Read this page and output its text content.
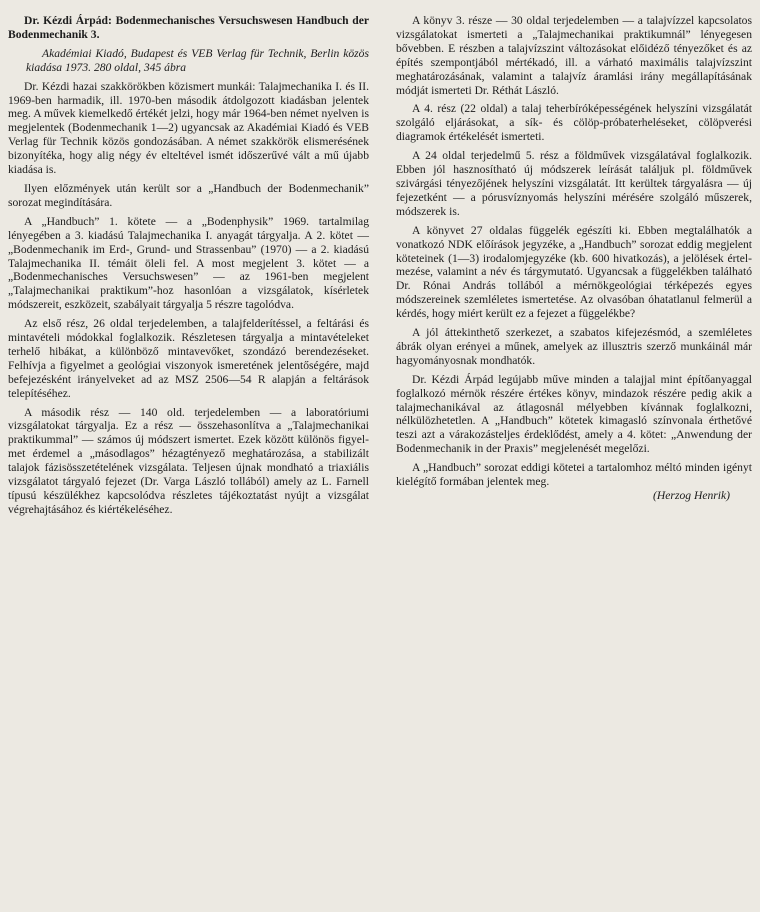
Dr. Kézdi Árpád: Bodenmechanisches Versuchswesen Handbuch der Bodenmechanik 3.

Akadémiai Kiadó, Budapest és VEB Verlag für Technik, Berlin közös kiadása 1973. 280 oldal, 345 ábra

Dr. Kézdi hazai szakkörökben közismert munkái: Talajmechanika I. és II. 1969-ben harmadik, ill. 1970-ben második átdolgozott kiadásban jelentek meg. A művek kiemelkedő értékét jelzi, hogy már 1964-ben német nyelven is megjelentek (Bodenmechanik 1—2) ugyancsak az Akadémiai Kiadó és VEB Verlag für Technik közös gondozásában. A német szakkörök elismerésének bizonyítéka, hogy alig négy év elteltével ismét időszerűvé vált a mű újabb kiadása is.

Ilyen előzmények után került sor a „Handbuch der Bodenmechanik” sorozat megindítására.

A „Handbuch” 1. kötete — a „Bodenphysik” 1969. tartalmilag lényegében a 3. kiadású Talajmechanika I. anyagát tárgyalja. A 2. kötet — „Bodenmechanik im Erd-, Grund- und Strassenbau” (1970) — a 2. kiadású Talajmechanika II. témáit öleli fel. A most megjelent 3. kötet — a „Bodenmechanisches Versuchswesen” — az 1961-ben megjelent „Talajmechanikai praktikum”-hoz hasonlóan a vizsgálatok, kísérletek módszereit, eszközeit, szabályait tárgyalja 5 részre tagolódva.

Az első rész, 26 oldal terjedelemben, a talajfelderítéssel, a feltárási és mintavételi módokkal foglalkozik. Részletesen tárgyalja a mintavételeket terhelő hibákat, a különböző mintavevőket, szondázó berendezéseket. Felhívja a figyelmet a geológiai viszonyok ismeretének jelentőségére, majd befejezésként irányelveket ad az MSZ 2506—54 R alapján a feltárások telepítéséhez.

A második rész — 140 old. terjedelemben — a laboratóriumi vizsgálatokat tárgyalja. Ez a rész — összehasonlítva a „Talajmechanikai praktikummal” — számos új módszert ismertet. Ezek között különös figyelmet érdemel a „másodlagos” hézagtényező meghatározása, a stabilizált talajok fázisösszetételének vizsgálata. Teljesen újnak mondható a triaxiális vizsgálatot tárgyaló fejezet (Dr. Varga László tollából) amely az L. Farnell típusú készülékhez kapcsolódva részletes tájékoztatást nyújt a vizsgálat végrehajtásához és kiértékeléséhez.

A könyv 3. része — 30 oldal terjedelemben — a talajvízzel kapcsolatos vizsgálatokat ismerteti a „Talajmechanikai praktikumnál” lényegesen bővebben. E részben a talajvízszint változásokat előidéző tényezőket és az építés szempontjából mértékadó, ill. a várható maximális talajvízszint meghatározásának, valamint a talajvíz áramlási irány megállapításának módját ismerteti Dr. Réthát László.

A 4. rész (22 oldal) a talaj teherbíróképességének helyszíni vizsgálatát szolgáló eljárásokat, a sík- és cölöp-próbaterheléseket, cölöpverési diagramok értékelését ismerteti.

A 24 oldal terjedelmű 5. rész a földművek vizsgálatával foglalkozik. Ebben jól hasznosítható új módszerek leírását találjuk pl. földművek szivárgási tényezőjének helyszíni vizsgálatát. Itt kerültek tárgyalásra — új fejezetként — a pórusvíznyomás helyszíni mérésére szolgáló műszerek, módszerek is.

A könyvet 27 oldalas függelék egészíti ki. Ebben megtalálhatók a vonatkozó NDK előírások jegyzéke, a „Handbuch” sorozat eddig megjelent köteteinek (1—3) irodalomjegyzéke (kb. 600 hivatkozás), a jelölések értelmezése, valamint a név és tárgymutató. Ugyancsak a függelékben található Dr. Rónai András tollából a mérnökgeológiai térképezés egyes módszereinek szemléletes ismertetése. Az olvasóban óhatatlanul felmerül a kérdés, hogy miért került ez a fejezet a függelékbe?

A jól áttekinthető szerkezet, a szabatos kifejezésmód, a szemléletes ábrák olyan erényei a műnek, amelyek az illusztris szerző munkáinál már hagyományosnak mondhatók.

Dr. Kézdi Árpád legújabb műve minden a talajjal mint építőanyaggal foglalkozó mérnök részére értékes könyv, mindazok részére pedig akik a talajmechanikával az átlagosnál mélyebben kívánnak foglalkozni, nélkülözhetetlen. A „Handbuch” kötetek kimagasló színvonala érthetővé teszi azt a várakozásteljes érdeklődést, amely a 4. kötet: „Anwendung der Bodenmechanik in der Praxis” megjelenését megelőzi.

A „Handbuch” sorozat eddigi kötetei a tartalomhoz méltó minden igényt kielégítő formában jelentek meg.

(Herzog Henrik)
